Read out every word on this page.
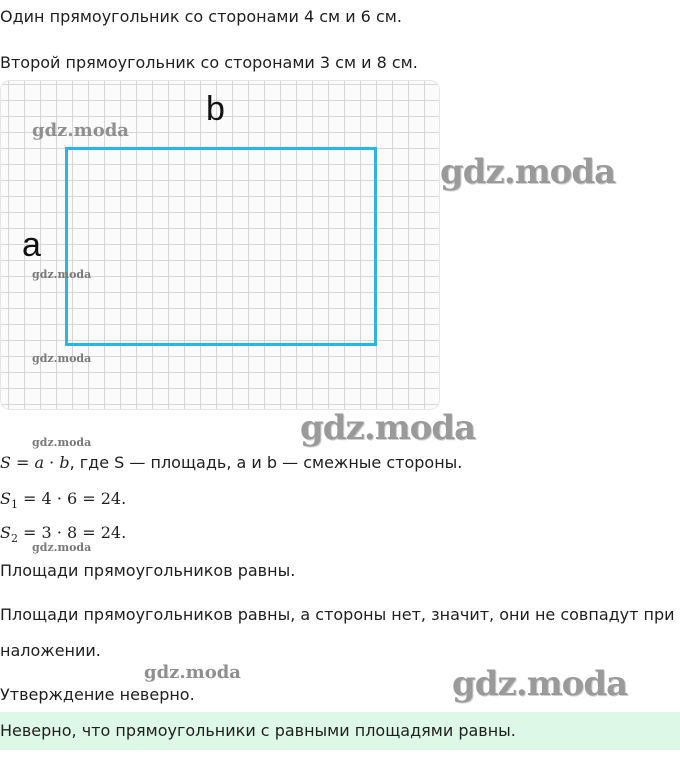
Один прямоугольник со сторонами 4 см и 6 см.
Второй прямоугольник со сторонами 3 см и 8 см.
b
a
gdz.moda
gdz.moda
gdz.moda
gdz.moda
gdz.moda
gdz.moda
S = a · b, где S — площадь, a и b — смежные стороны.
$S_1 = 4 \cdot 6 = 24$.
$S_2 = 3 \cdot 8 = 24$.
gdz.moda
Площади прямоугольников равны.
Площади прямоугольников равны, а стороны нет, значит, они не совпадут при
наложении.
gdz.moda	gdz.moda
Утверждение неверно.
Неверно, что прямоугольники с равными площадями равны.
